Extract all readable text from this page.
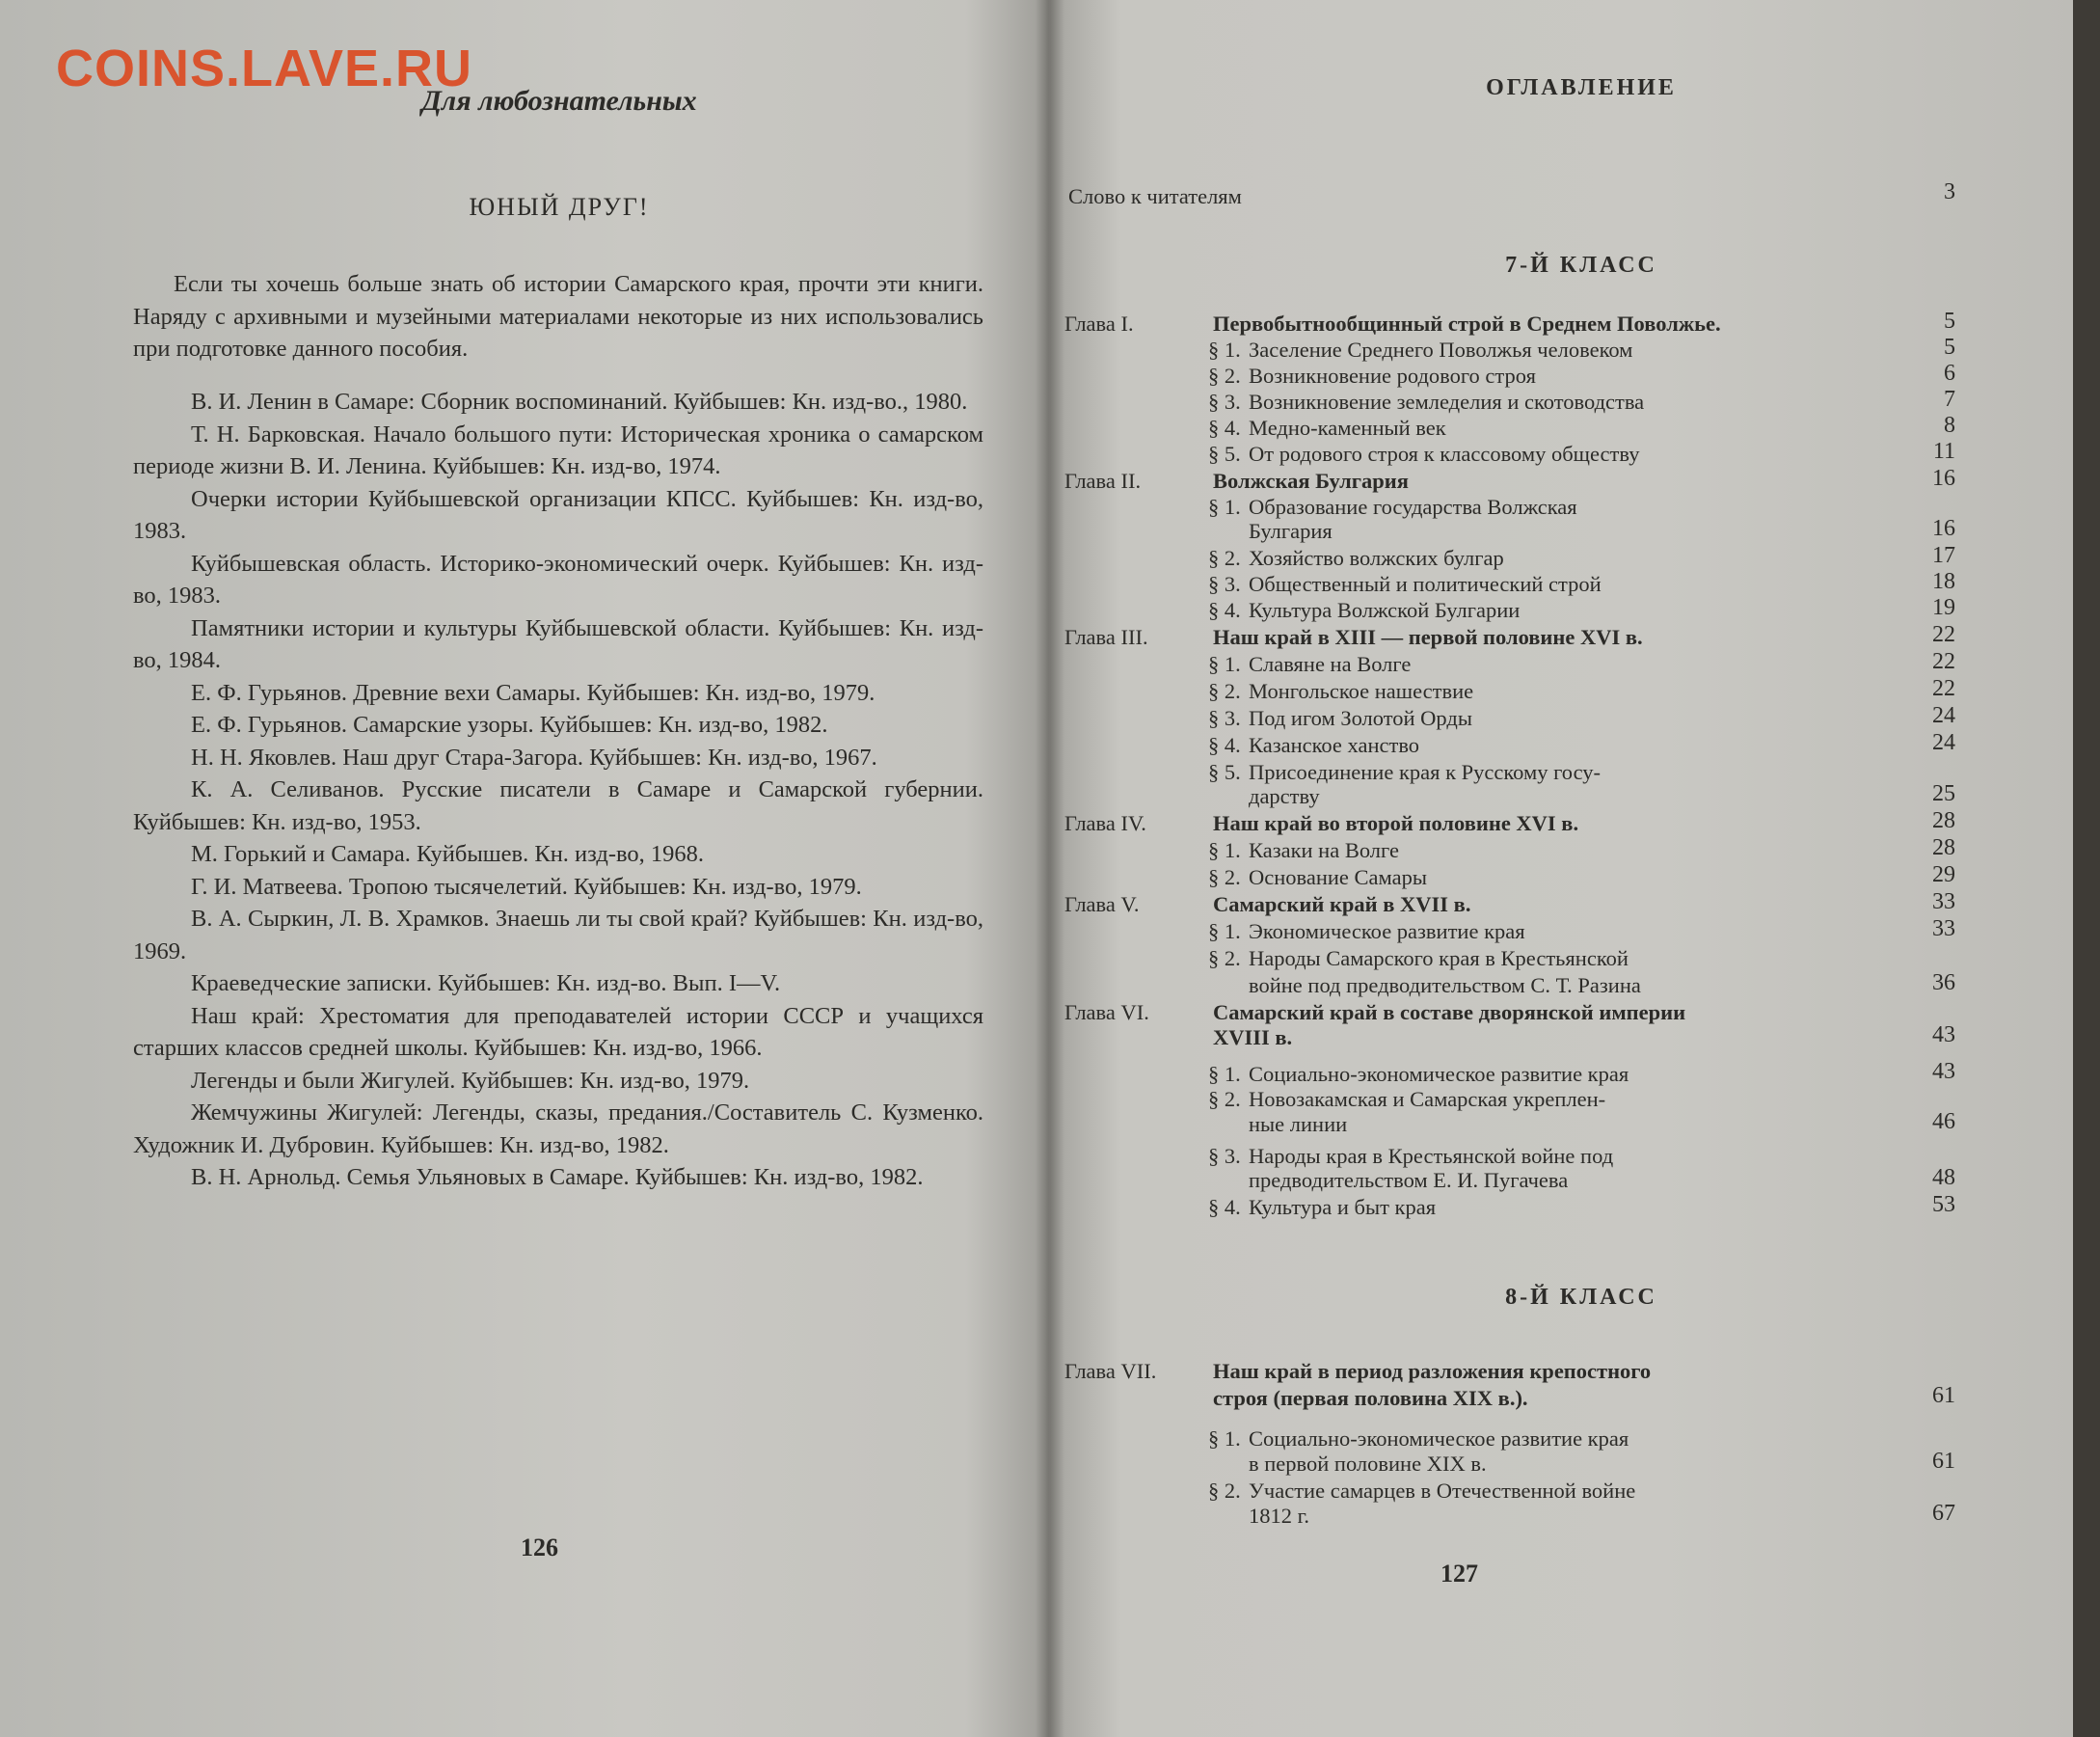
COINS.LAVE.RU
Для любознательных
ЮНЫЙ ДРУГ!
Если ты хочешь больше знать об истории Самарского края, прочти эти книги. Наряду с архивными и музейными материалами некоторые из них использовались при подготовке данного пособия.

В. И. Ленин в Самаре: Сборник воспоминаний. Куйбышев: Кн. изд-во., 1980.

Т. Н. Барковская. Начало большого пути: Историческая хроника о самарском периоде жизни В. И. Ленина. Куйбышев: Кн. изд-во, 1974.

Очерки истории Куйбышевской организации КПСС. Куйбышев: Кн. изд-во, 1983.

Куйбышевская область. Историко-экономический очерк. Куйбышев: Кн. изд-во, 1983.

Памятники истории и культуры Куйбышевской области. Куйбышев: Кн. изд-во, 1984.

Е. Ф. Гурьянов. Древние вехи Самары. Куйбышев: Кн. изд-во, 1979.

Е. Ф. Гурьянов. Самарские узоры. Куйбышев: Кн. изд-во, 1982.

Н. Н. Яковлев. Наш друг Стара-Загора. Куйбышев: Кн. изд-во, 1967.

К. А. Селиванов. Русские писатели в Самаре и Самарской губернии. Куйбышев: Кн. изд-во, 1953.

М. Горький и Самара. Куйбышев. Кн. изд-во, 1968.

Г. И. Матвеева. Тропою тысячелетий. Куйбышев: Кн. изд-во, 1979.

В. А. Сыркин, Л. В. Храмков. Знаешь ли ты свой край? Куйбышев: Кн. изд-во, 1969.

Краеведческие записки. Куйбышев: Кн. изд-во. Вып. I—V.

Наш край: Хрестоматия для преподавателей истории СССР и учащихся старших классов средней школы. Куйбышев: Кн. изд-во, 1966.

Легенды и были Жигулей. Куйбышев: Кн. изд-во, 1979.

Жемчужины Жигулей: Легенды, сказы, предания./Составитель С. Кузменко. Художник И. Дубровин. Куйбышев: Кн. изд-во, 1982.

В. Н. Арнольд. Семья Ульяновых в Самаре. Куйбышев: Кн. изд-во, 1982.

126
ОГЛАВЛЕНИЕ
Слово к читателям	3
7-Й КЛАСС
8-Й КЛАСС
Глава I.	Первобытнообщинный строй в Среднем Поволжье.	5
§ 1. Заселение Среднего Поволжья человеком	5
§ 2. Возникновение родового строя	6
§ 3. Возникновение земледелия и скотоводства	7
§ 4. Медно-каменный век	8
§ 5. От родового строя к классовому обществу	11
Глава II.	Волжская Булгария	16
§ 1. Образование государства Волжская
Булгария	16
§ 2. Хозяйство волжских булгар	17
§ 3. Общественный и политический строй	18
§ 4. Культура Волжской Булгарии	19
Глава III.	Наш край в XIII — первой половине XVI в.	22
§ 1. Славяне на Волге	22
§ 2. Монгольское нашествие	22
§ 3. Под игом Золотой Орды	24
§ 4. Казанское ханство	24
§ 5. Присоединение края к Русскому госу-
дарству	25
Глава IV.	Наш край во второй половине XVI в.	28
§ 1. Казаки на Волге	28
§ 2. Основание Самары	29
Глава V.	Самарский край в XVII в.	33
§ 1. Экономическое развитие края	33
§ 2. Народы Самарского края в Крестьянской
войне под предводительством С. Т. Разина	36
Глава VI.	Самарский край в составе дворянской империи
XVIII в.	43
§ 1. Социально-экономическое развитие края	43
§ 2. Новозакамская и Самарская укреплен-
ные линии	46
§ 3. Народы края в Крестьянской войне под
предводительством Е. И. Пугачева	48
§ 4. Культура и быт края	53
Глава VII.	Наш край в период разложения крепостного
строя (первая половина XIX в.).	61
§ 1. Социально-экономическое развитие края
в первой половине XIX в.	61
§ 2. Участие самарцев в Отечественной войне
1812 г.	67
127
